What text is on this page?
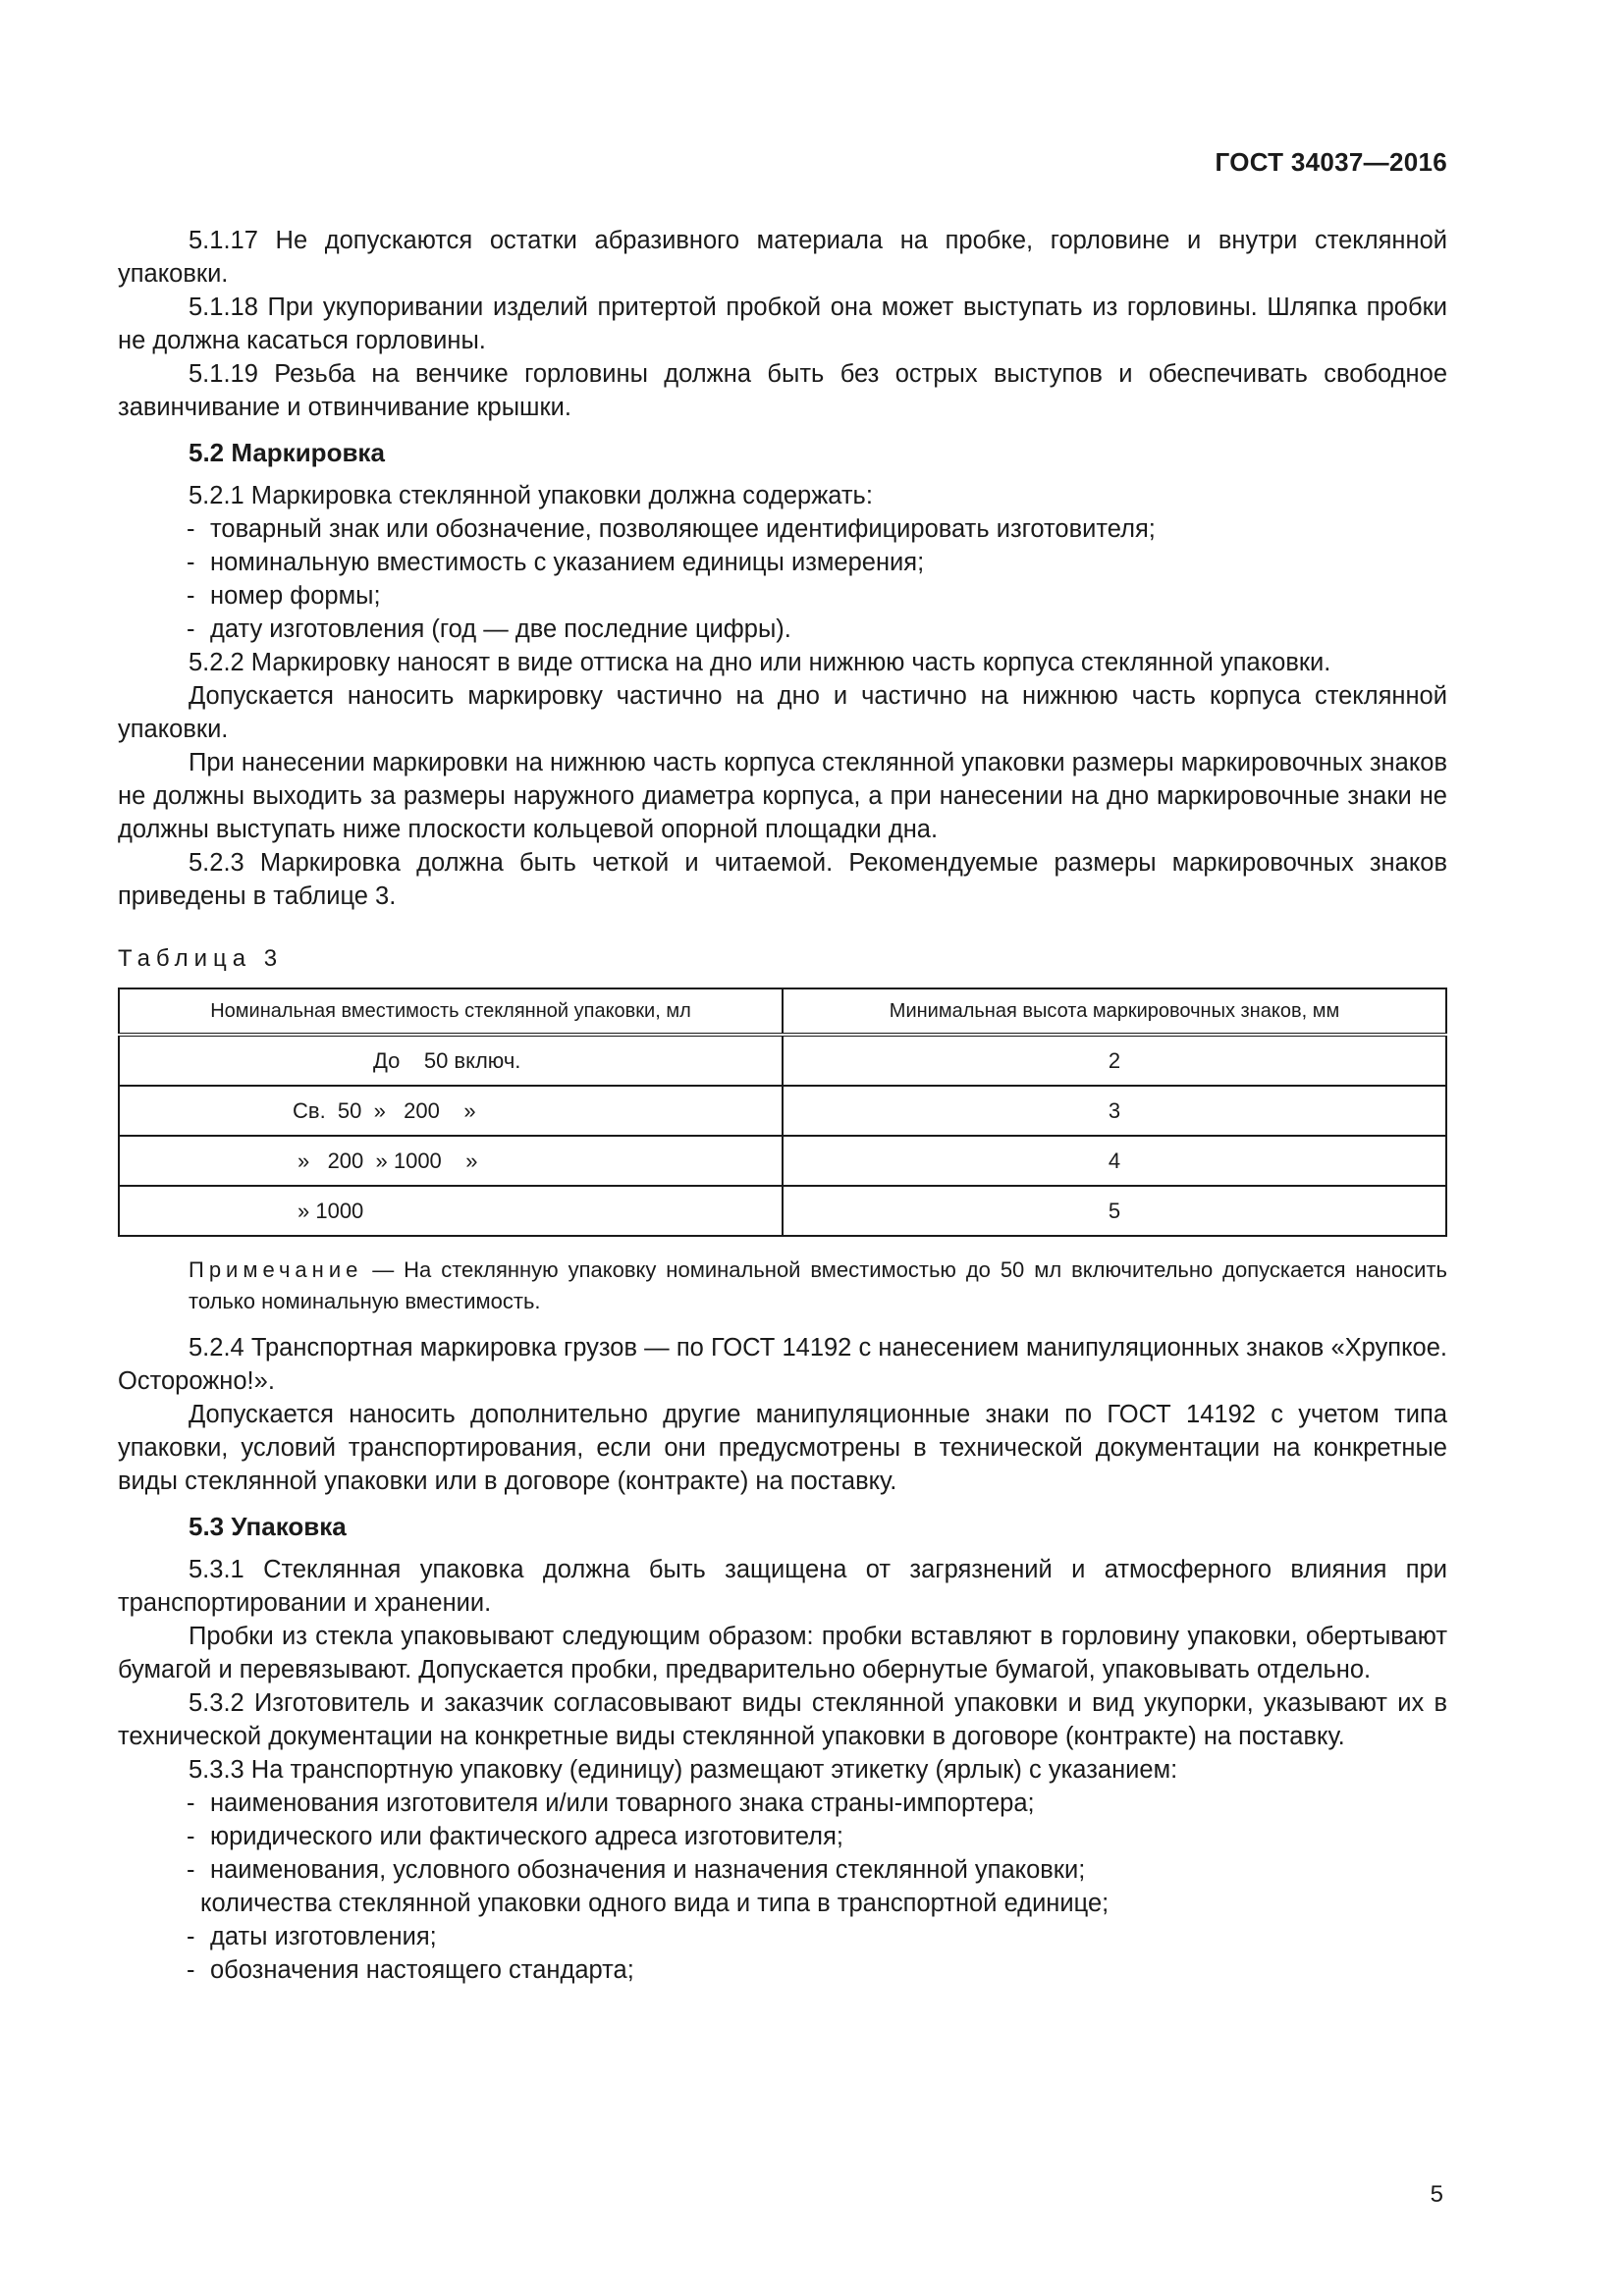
ГОСТ 34037—2016

5.1.17 Не допускаются остатки абразивного материала на пробке, горловине и внутри стеклянной упаковки.

5.1.18 При укупоривании изделий притертой пробкой она может выступать из горловины. Шляпка пробки не должна касаться горловины.

5.1.19 Резьба на венчике горловины должна быть без острых выступов и обеспечивать свободное завинчивание и отвинчивание крышки.

5.2 Маркировка

5.2.1 Маркировка стеклянной упаковки должна содержать:

- товарный знак или обозначение, позволяющее идентифицировать изготовителя;
- номинальную вместимость с указанием единицы измерения;
- номер формы;
- дату изготовления (год — две последние цифры).

5.2.2 Маркировку наносят в виде оттиска на дно или нижнюю часть корпуса стеклянной упаковки.

Допускается наносить маркировку частично на дно и частично на нижнюю часть корпуса стеклянной упаковки.

При нанесении маркировки на нижнюю часть корпуса стеклянной упаковки размеры маркировочных знаков не должны выходить за размеры наружного диаметра корпуса, а при нанесении на дно маркировочные знаки не должны выступать ниже плоскости кольцевой опорной площадки дна.

5.2.3 Маркировка должна быть четкой и читаемой. Рекомендуемые размеры маркировочных знаков приведены в таблице 3.

Таблица 3
Номинальная вместимость стеклянной упаковки, мл	Минимальная высота маркировочных знаков, мм
До    50 включ.	2
Св.  50  »   200    »	3
»   200  » 1000    »	4
» 1000	5

Примечание — На стеклянную упаковку номинальной вместимостью до 50 мл включительно допускается наносить только номинальную вместимость.

5.2.4 Транспортная маркировка грузов — по ГОСТ 14192 с нанесением манипуляционных знаков «Хрупкое. Осторожно!».

Допускается наносить дополнительно другие манипуляционные знаки по ГОСТ 14192 с учетом типа упаковки, условий транспортирования, если они предусмотрены в технической документации на конкретные виды стеклянной упаковки или в договоре (контракте) на поставку.

5.3 Упаковка

5.3.1 Стеклянная упаковка должна быть защищена от загрязнений и атмосферного влияния при транспортировании и хранении.

Пробки из стекла упаковывают следующим образом: пробки вставляют в горловину упаковки, обертывают бумагой и перевязывают. Допускается пробки, предварительно обернутые бумагой, упаковывать отдельно.

5.3.2 Изготовитель и заказчик согласовывают виды стеклянной упаковки и вид укупорки, указывают их в технической документации на конкретные виды стеклянной упаковки в договоре (контракте) на поставку.

5.3.3 На транспортную упаковку (единицу) размещают этикетку (ярлык) с указанием:

- наименования изготовителя и/или товарного знака страны-импортера;
- юридического или фактического адреса изготовителя;
- наименования, условного обозначения и назначения стеклянной упаковки;

количества стеклянной упаковки одного вида и типа в транспортной единице;

- даты изготовления;
- обозначения настоящего стандарта;
5
